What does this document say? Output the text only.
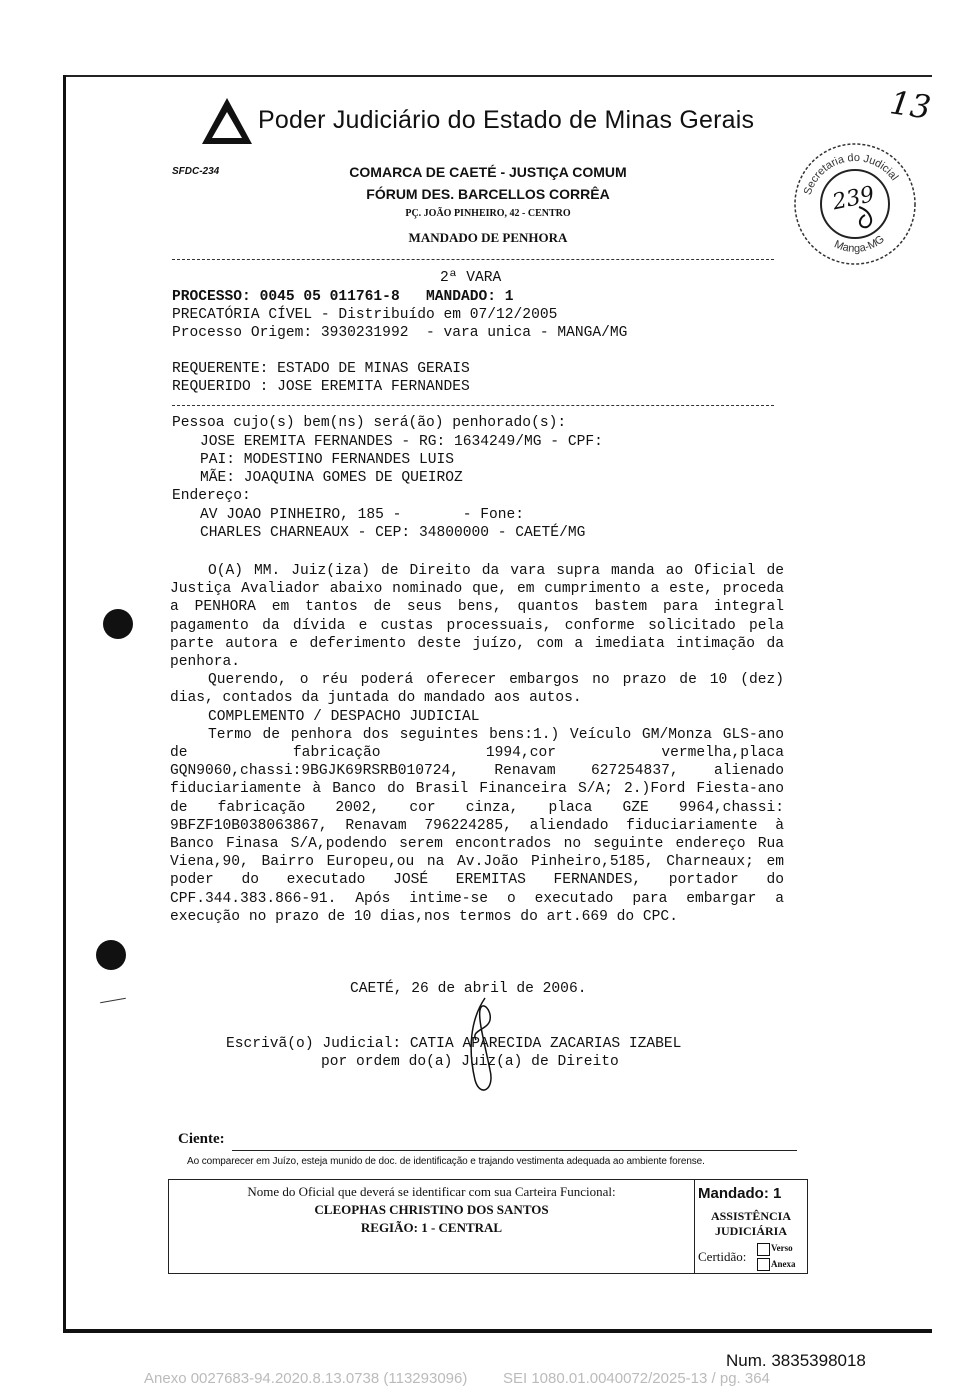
Poder Judiciário do Estado de Minas Gerais	13
Secretaria do Judicial
Manga-MG
239
SFDC-234	COMARCA DE CAETÉ - JUSTIÇA COMUM
FÓRUM DES. BARCELLOS CORRÊA
PÇ. JOÃO PINHEIRO, 42 - CENTRO
MANDADO DE PENHORA
2ª VARA
PROCESSO: 0045 05 011761-8   MANDADO: 1
PRECATÓRIA CÍVEL - Distribuído em 07/12/2005
Processo Origem: 3930231992  - vara unica - MANGA/MG
REQUERENTE: ESTADO DE MINAS GERAIS
REQUERIDO : JOSE EREMITA FERNANDES
Pessoa cujo(s) bem(ns) será(ão) penhorado(s):
JOSE EREMITA FERNANDES - RG: 1634249/MG - CPF:
PAI: MODESTINO FERNANDES LUIS
MÃE: JOAQUINA GOMES DE QUEIROZ
Endereço:
AV JOAO PINHEIRO, 185 -       - Fone:
CHARLES CHARNEAUX - CEP: 34800000 - CAETÉ/MG

O(A) MM. Juiz(iza) de Direito da vara supra manda ao Oficial de Justiça Avaliador abaixo nominado que, em cumprimento a este, proceda a PENHORA em tantos de seus bens, quantos bastem para integral pagamento da dívida e custas processuais, conforme solicitado pela parte autora e deferimento deste juízo, com a imediata intimação da penhora.

Querendo, o réu poderá oferecer embargos no prazo de 10 (dez) dias, contados da juntada do mandado aos autos.

COMPLEMENTO / DESPACHO JUDICIAL

Termo de penhora dos seguintes bens:1.) Veículo GM/Monza GLS-ano de fabricação 1994,cor vermelha,placa GQN9060,chassi:9BGJK69RSRB010724, Renavam 627254837, alienado fiduciariamente à Banco do Brasil Financeira S/A; 2.)Ford Fiesta-ano de fabricação 2002, cor cinza, placa GZE 9964,chassi: 9BFZF10B038063867, Renavam 796224285, aliendado fiduciariamente à Banco Finasa S/A,podendo serem encontrados no seguinte endereço Rua Viena,90, Bairro Europeu,ou na Av.João Pinheiro,5185, Charneaux; em poder do executado JOSÉ EREMITAS FERNANDES, portador do CPF.344.383.866-91. Após intime-se o executado para embargar a execução no prazo de 10 dias,nos termos do art.669 do CPC.

CAETÉ, 26 de abril de 2006.
Escrivã(o) Judicial: CATIA APARECIDA ZACARIAS IZABEL
por ordem do(a) Juiz(a) de Direito
Ciente:
Ao comparecer em Juízo, esteja munido de doc. de identificação e trajando vestimenta adequada ao ambiente forense.
Nome do Oficial que deverá se identificar com sua Carteira Funcional:
CLEOPHAS CHRISTINO DOS SANTOS
REGIÃO: 1 - CENTRAL
Mandado: 1
ASSISTÊNCIA
JUDICIÁRIA
Certidão:
Verso
Anexa
Num. 3835398018
Anexo 0027683-94.2020.8.13.0738 (113293096) SEI 1080.01.0040072/2025-13 / pg. 364
